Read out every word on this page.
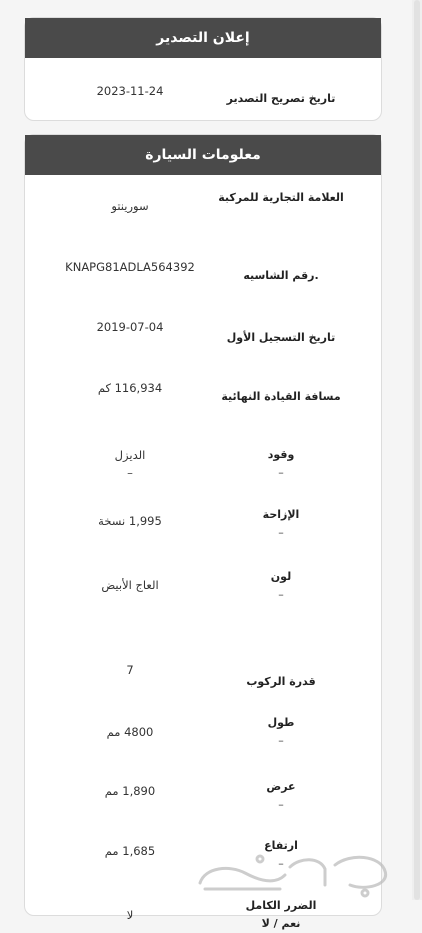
إعلان التصدير
تاريخ تصريح التصدير
2023-11-24
معلومات السيارة
العلامة التجارية للمركبة
سورينتو
.رقم الشاسيه
KNAPG81ADLA564392
تاريخ التسجيل الأول
2019-07-04
مسافة القيادة النهائية
116,934 كم
وقود
–
الديزل
–
الإزاحة
–
1,995 نسخة
لون
–
العاج الأبيض
قدرة الركوب
7
طول
–
4800 مم
عرض
–
1,890 مم
ارتفاع
–
1,685 مم
الضرر الكامل
نعم / لا
لا
